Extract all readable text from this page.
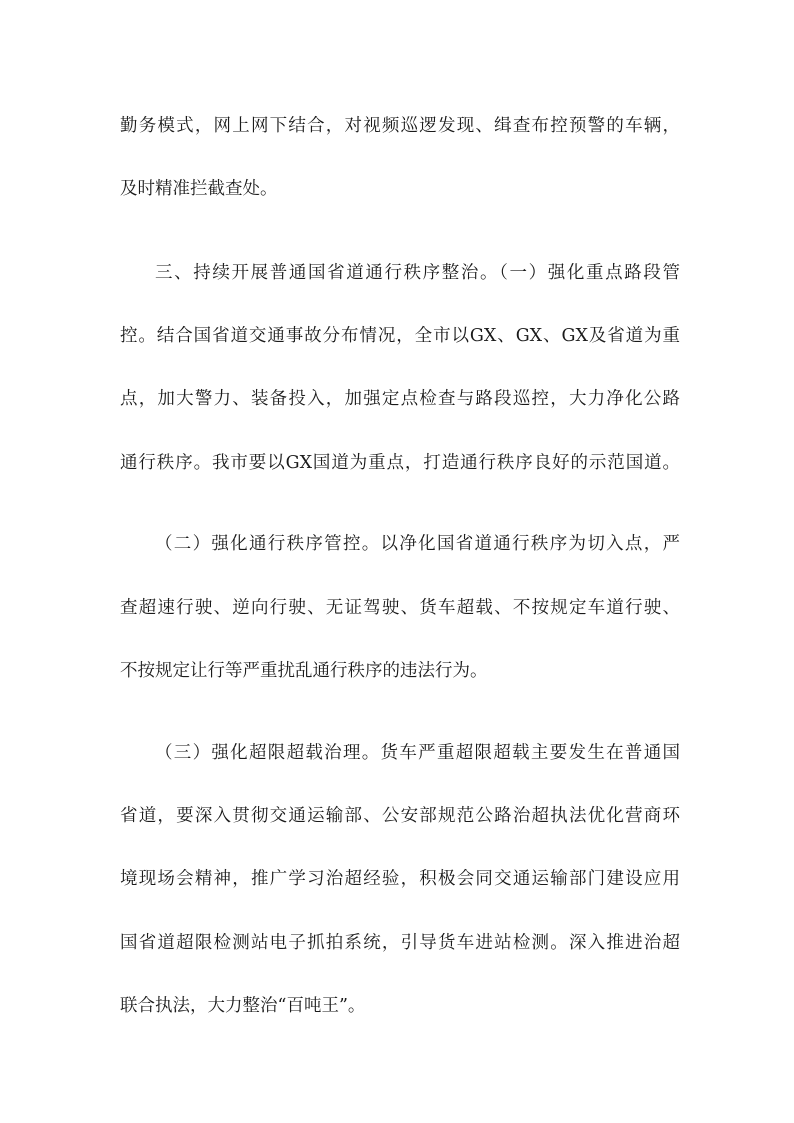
勤务模式，网上网下结合，对视频巡逻发现、缉查布控预警的车辆，
及时精准拦截查处。
三、持续开展普通国省道通行秩序整治。（一）强化重点路段管
控。结合国省道交通事故分布情况，全市以GX、GX、GX及省道为重
点，加大警力、装备投入，加强定点检查与路段巡控，大力净化公路
通行秩序。我市要以GX国道为重点，打造通行秩序良好的示范国道。
（二）强化通行秩序管控。以净化国省道通行秩序为切入点，严
查超速行驶、逆向行驶、无证驾驶、货车超载、不按规定车道行驶、
不按规定让行等严重扰乱通行秩序的违法行为。
（三）强化超限超载治理。货车严重超限超载主要发生在普通国
省道，要深入贯彻交通运输部、公安部规范公路治超执法优化营商环
境现场会精神，推广学习治超经验，积极会同交通运输部门建设应用
国省道超限检测站电子抓拍系统，引导货车进站检测。深入推进治超
联合执法，大力整治“百吨王”。
